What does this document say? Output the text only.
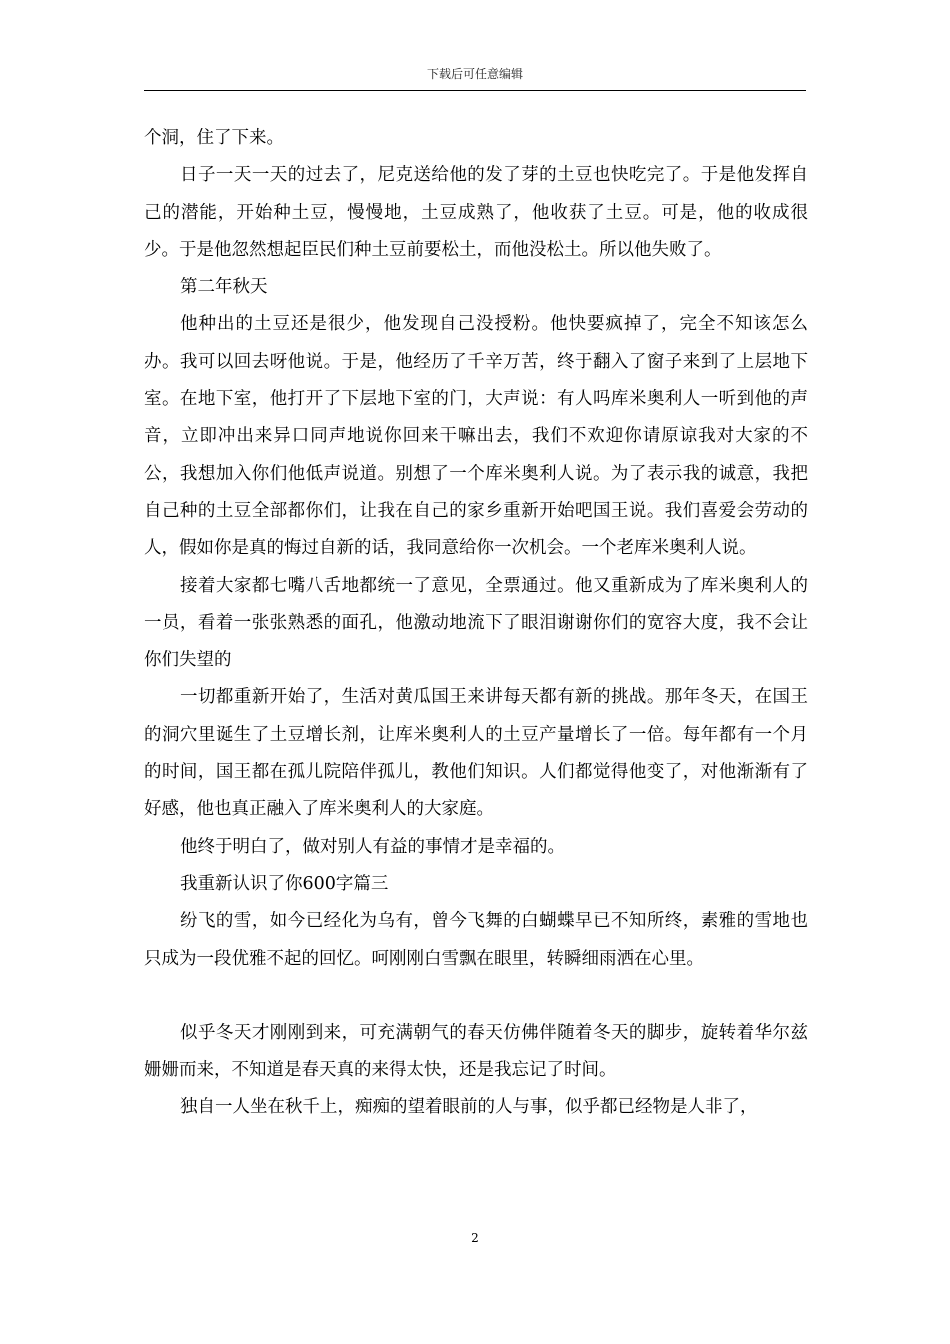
下载后可任意编辑

个洞，住了下来。

日子一天一天的过去了，尼克送给他的发了芽的土豆也快吃完了。于是他发挥自己的潜能，开始种土豆，慢慢地，土豆成熟了，他收获了土豆。可是，他的收成很少。于是他忽然想起臣民们种土豆前要松土，而他没松土。所以他失败了。

第二年秋天

他种出的土豆还是很少，他发现自己没授粉。他快要疯掉了，完全不知该怎么办。我可以回去呀他说。于是，他经历了千辛万苦，终于翻入了窗子来到了上层地下室。在地下室，他打开了下层地下室的门，大声说：有人吗库米奥利人一听到他的声音，立即冲出来异口同声地说你回来干嘛出去，我们不欢迎你请原谅我对大家的不公，我想加入你们他低声说道。别想了一个库米奥利人说。为了表示我的诚意，我把自己种的土豆全部都你们，让我在自己的家乡重新开始吧国王说。我们喜爱会劳动的人，假如你是真的悔过自新的话，我同意给你一次机会。一个老库米奥利人说。

接着大家都七嘴八舌地都统一了意见，全票通过。他又重新成为了库米奥利人的一员，看着一张张熟悉的面孔，他激动地流下了眼泪谢谢你们的宽容大度，我不会让你们失望的

一切都重新开始了，生活对黄瓜国王来讲每天都有新的挑战。那年冬天，在国王的洞穴里诞生了土豆增长剂，让库米奥利人的土豆产量增长了一倍。每年都有一个月的时间，国王都在孤儿院陪伴孤儿，教他们知识。人们都觉得他变了，对他渐渐有了好感，他也真正融入了库米奥利人的大家庭。

他终于明白了，做对别人有益的事情才是幸福的。

我重新认识了你600字篇三

纷飞的雪，如今已经化为乌有，曾今飞舞的白蝴蝶早已不知所终，素雅的雪地也只成为一段优雅不起的回忆。呵刚刚白雪飘在眼里，转瞬细雨洒在心里。

似乎冬天才刚刚到来，可充满朝气的春天仿佛伴随着冬天的脚步，旋转着华尔兹姗姗而来，不知道是春天真的来得太快，还是我忘记了时间。

独自一人坐在秋千上，痴痴的望着眼前的人与事，似乎都已经物是人非了，

2
